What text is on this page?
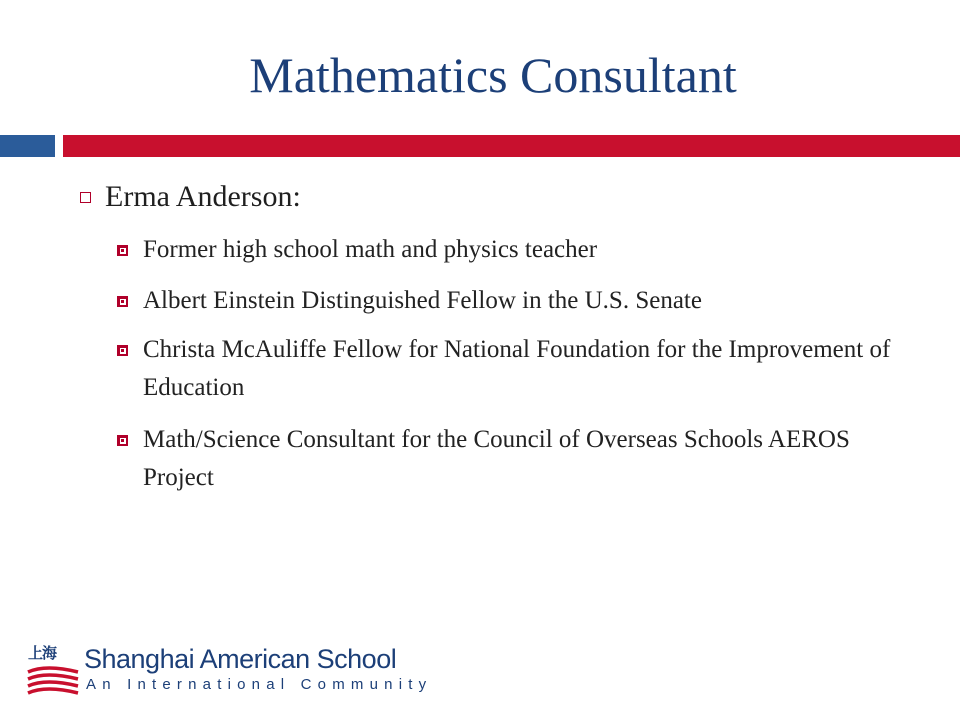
Mathematics Consultant
Erma Anderson:
Former high school math and physics teacher
Albert Einstein Distinguished Fellow in the U.S. Senate
Christa McAuliffe Fellow for National Foundation for the Improvement of Education
Math/Science Consultant for the Council of Overseas Schools AEROS Project
上海 Shanghai American School
An International Community
